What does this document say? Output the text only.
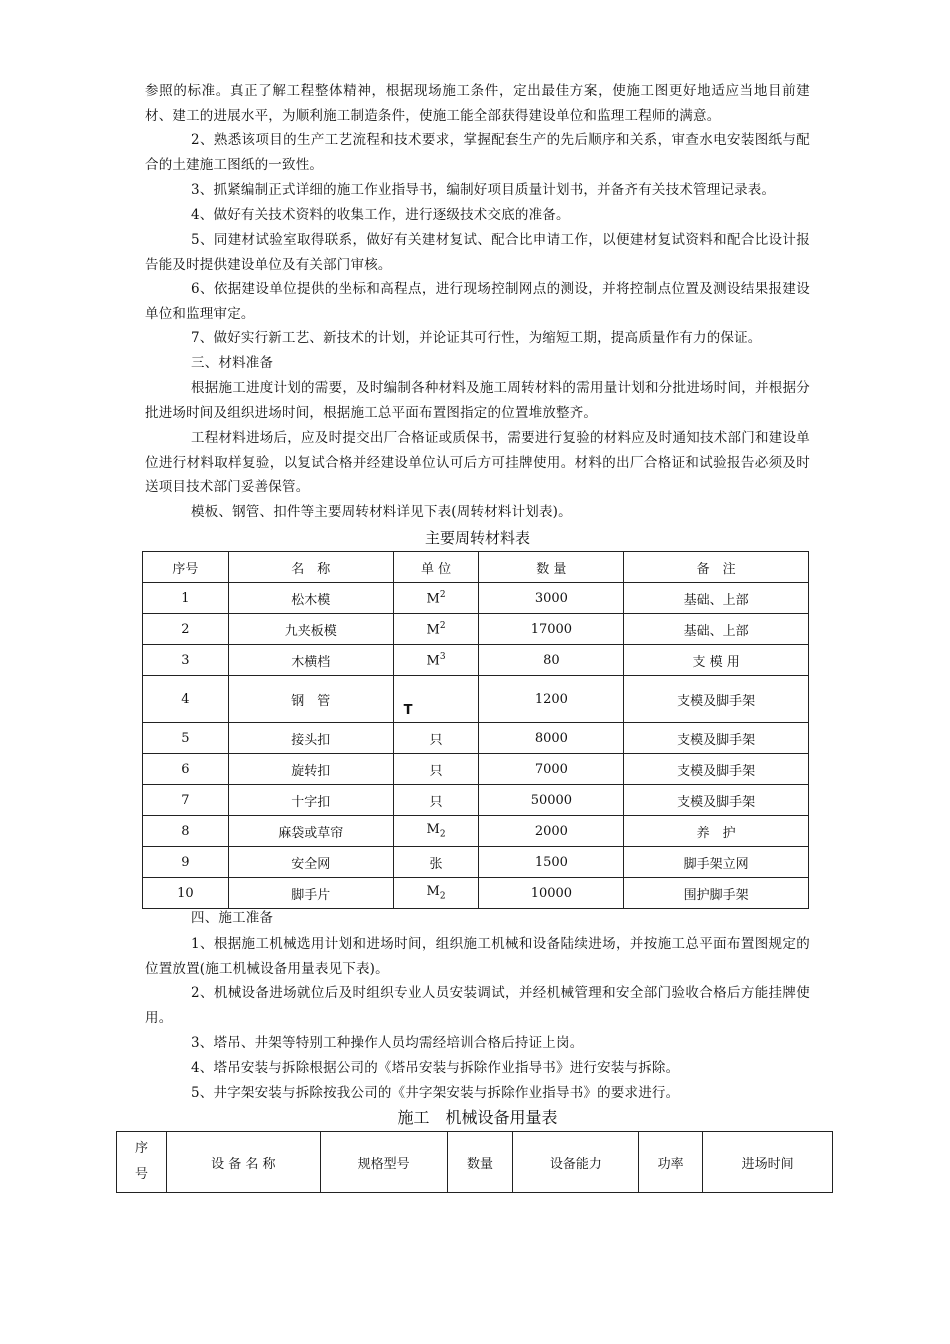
参照的标准。真正了解工程整体精神，根据现场施工条件，定出最佳方案，使施工图更好地适应当地目前建材、建工的进展水平，为顺利施工制造条件，使施工能全部获得建设单位和监理工程师的满意。

2、熟悉该项目的生产工艺流程和技术要求，掌握配套生产的先后顺序和关系，审查水电安装图纸与配合的土建施工图纸的一致性。

3、抓紧编制正式详细的施工作业指导书，编制好项目质量计划书，并备齐有关技术管理记录表。

4、做好有关技术资料的收集工作，进行逐级技术交底的准备。

5、同建材试验室取得联系，做好有关建材复试、配合比申请工作，以便建材复试资料和配合比设计报告能及时提供建设单位及有关部门审核。

6、依据建设单位提供的坐标和高程点，进行现场控制网点的测设，并将控制点位置及测设结果报建设单位和监理审定。

7、做好实行新工艺、新技术的计划，并论证其可行性，为缩短工期，提高质量作有力的保证。

三、材料准备

根据施工进度计划的需要，及时编制各种材料及施工周转材料的需用量计划和分批进场时间，并根据分批进场时间及组织进场时间，根据施工总平面布置图指定的位置堆放整齐。

工程材料进场后，应及时提交出厂合格证或质保书，需要进行复验的材料应及时通知技术部门和建设单位进行材料取样复验，以复试合格并经建设单位认可后方可挂牌使用。材料的出厂合格证和试验报告必须及时送项目技术部门妥善保管。

模板、钢管、扣件等主要周转材料详见下表(周转材料计划表)。

主要周转材料表

序号	名　称	单 位	数 量	备　注
1	松木模	$M^2$	3000	基础、上部
2	九夹板模	$M^2$	17000	基础、上部
3	木横档	$M^3$	80	支 模 用
4	钢　管	T	1200	支模及脚手架
5	接头扣	只	8000	支模及脚手架
6	旋转扣	只	7000	支模及脚手架
7	十字扣	只	50000	支模及脚手架
8	麻袋或草帘	$M_2$	2000	养　护
9	安全网	张	1500	脚手架立网
10	脚手片	$M_2$	10000	围护脚手架

四、施工准备

1、根据施工机械选用计划和进场时间，组织施工机械和设备陆续进场，并按施工总平面布置图规定的位置放置(施工机械设备用量表见下表)。

2、机械设备进场就位后及时组织专业人员安装调试，并经机械管理和安全部门验收合格后方能挂牌使用。

3、塔吊、井架等特别工种操作人员均需经培训合格后持证上岗。

4、塔吊安装与拆除根据公司的《塔吊安装与拆除作业指导书》进行安装与拆除。

5、井字架安装与拆除按我公司的《井字架安装与拆除作业指导书》的要求进行。

施工　机械设备用量表

序
号	设 备 名 称	规格型号	数量	设备能力	功率	进场时间
